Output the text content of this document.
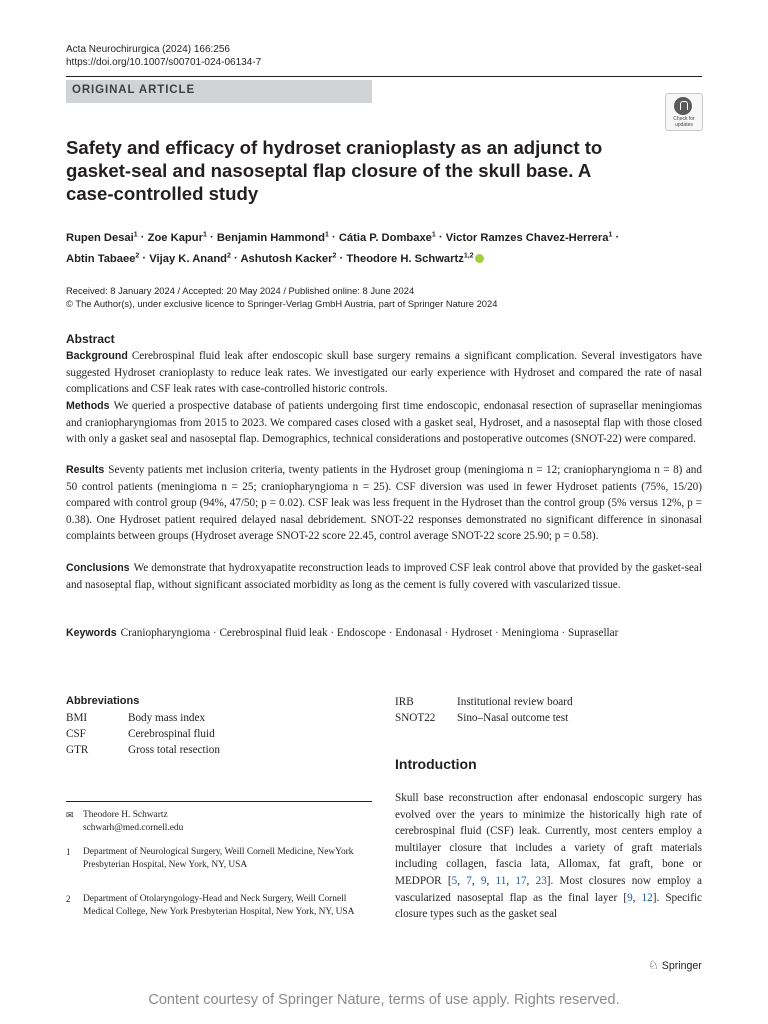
Acta Neurochirurgica (2024) 166:256
https://doi.org/10.1007/s00701-024-06134-7
ORIGINAL ARTICLE
Check for updates
Safety and efficacy of hydroset cranioplasty as an adjunct to gasket-seal and nasoseptal flap closure of the skull base. A case-controlled study
Rupen Desai$^1$ · Zoe Kapur$^1$ · Benjamin Hammond$^1$ · Cátia P. Dombaxe$^1$ · Victor Ramzes Chavez-Herrera$^1$ ·
Abtin Tabaee$^2$ · Vijay K. Anand$^2$ · Ashutosh Kacker$^2$ · Theodore H. Schwartz$^{1,2}$
Received: 8 January 2024 / Accepted: 20 May 2024 / Published online: 8 June 2024
© The Author(s), under exclusive licence to Springer-Verlag GmbH Austria, part of Springer Nature 2024
Abstract
Background Cerebrospinal fluid leak after endoscopic skull base surgery remains a significant complication. Several investigators have suggested Hydroset cranioplasty to reduce leak rates. We investigated our early experience with Hydroset and compared the rate of nasal complications and CSF leak rates with case-controlled historic controls.
Methods We queried a prospective database of patients undergoing first time endoscopic, endonasal resection of suprasellar meningiomas and craniopharyngiomas from 2015 to 2023. We compared cases closed with a gasket seal, Hydroset, and a nasoseptal flap with those closed with only a gasket seal and nasoseptal flap. Demographics, technical considerations and postoperative outcomes (SNOT-22) were compared.
Results Seventy patients met inclusion criteria, twenty patients in the Hydroset group (meningioma n = 12; craniopharyngioma n = 8) and 50 control patients (meningioma n = 25; craniopharyngioma n = 25). CSF diversion was used in fewer Hydroset patients (75%, 15/20) compared with control group (94%, 47/50; p = 0.02). CSF leak was less frequent in the Hydroset than the control group (5% versus 12%, p = 0.38). One Hydroset patient required delayed nasal debridement. SNOT-22 responses demonstrated no significant difference in sinonasal complaints between groups (Hydroset average SNOT-22 score 22.45, control average SNOT-22 score 25.90; p = 0.58).
Conclusions We demonstrate that hydroxyapatite reconstruction leads to improved CSF leak control above that provided by the gasket-seal and nasoseptal flap, without significant associated morbidity as long as the cement is fully covered with vascularized tissue.
Keywords Craniopharyngioma · Cerebrospinal fluid leak · Endoscope · Endonasal · Hydroset · Meningioma · Suprasellar
Abbreviations
BMI	Body mass index
CSF	Cerebrospinal fluid
GTR	Gross total resection
IRB	Institutional review board
SNOT22 Sino–Nasal outcome test
Introduction
Skull base reconstruction after endonasal endoscopic surgery has evolved over the years to minimize the historically high rate of cerebrospinal fluid (CSF) leak. Currently, most centers employ a multilayer closure that includes a variety of graft materials including collagen, fascia lata, Allomax, fat graft, bone or MEDPOR [5, 7, 9, 11, 17, 23]. Most closures now employ a vascularized nasoseptal flap as the final layer [9, 12]. Specific closure types such as the gasket seal
✉ Theodore H. Schwartz
schwarh@med.cornell.edu
1 Department of Neurological Surgery, Weill Cornell Medicine, NewYork Presbyterian Hospital, New York, NY, USA
2 Department of Otolaryngology-Head and Neck Surgery, Weill Cornell Medical College, New York Presbyterian Hospital, New York, NY, USA
♘ Springer
Content courtesy of Springer Nature, terms of use apply. Rights reserved.
